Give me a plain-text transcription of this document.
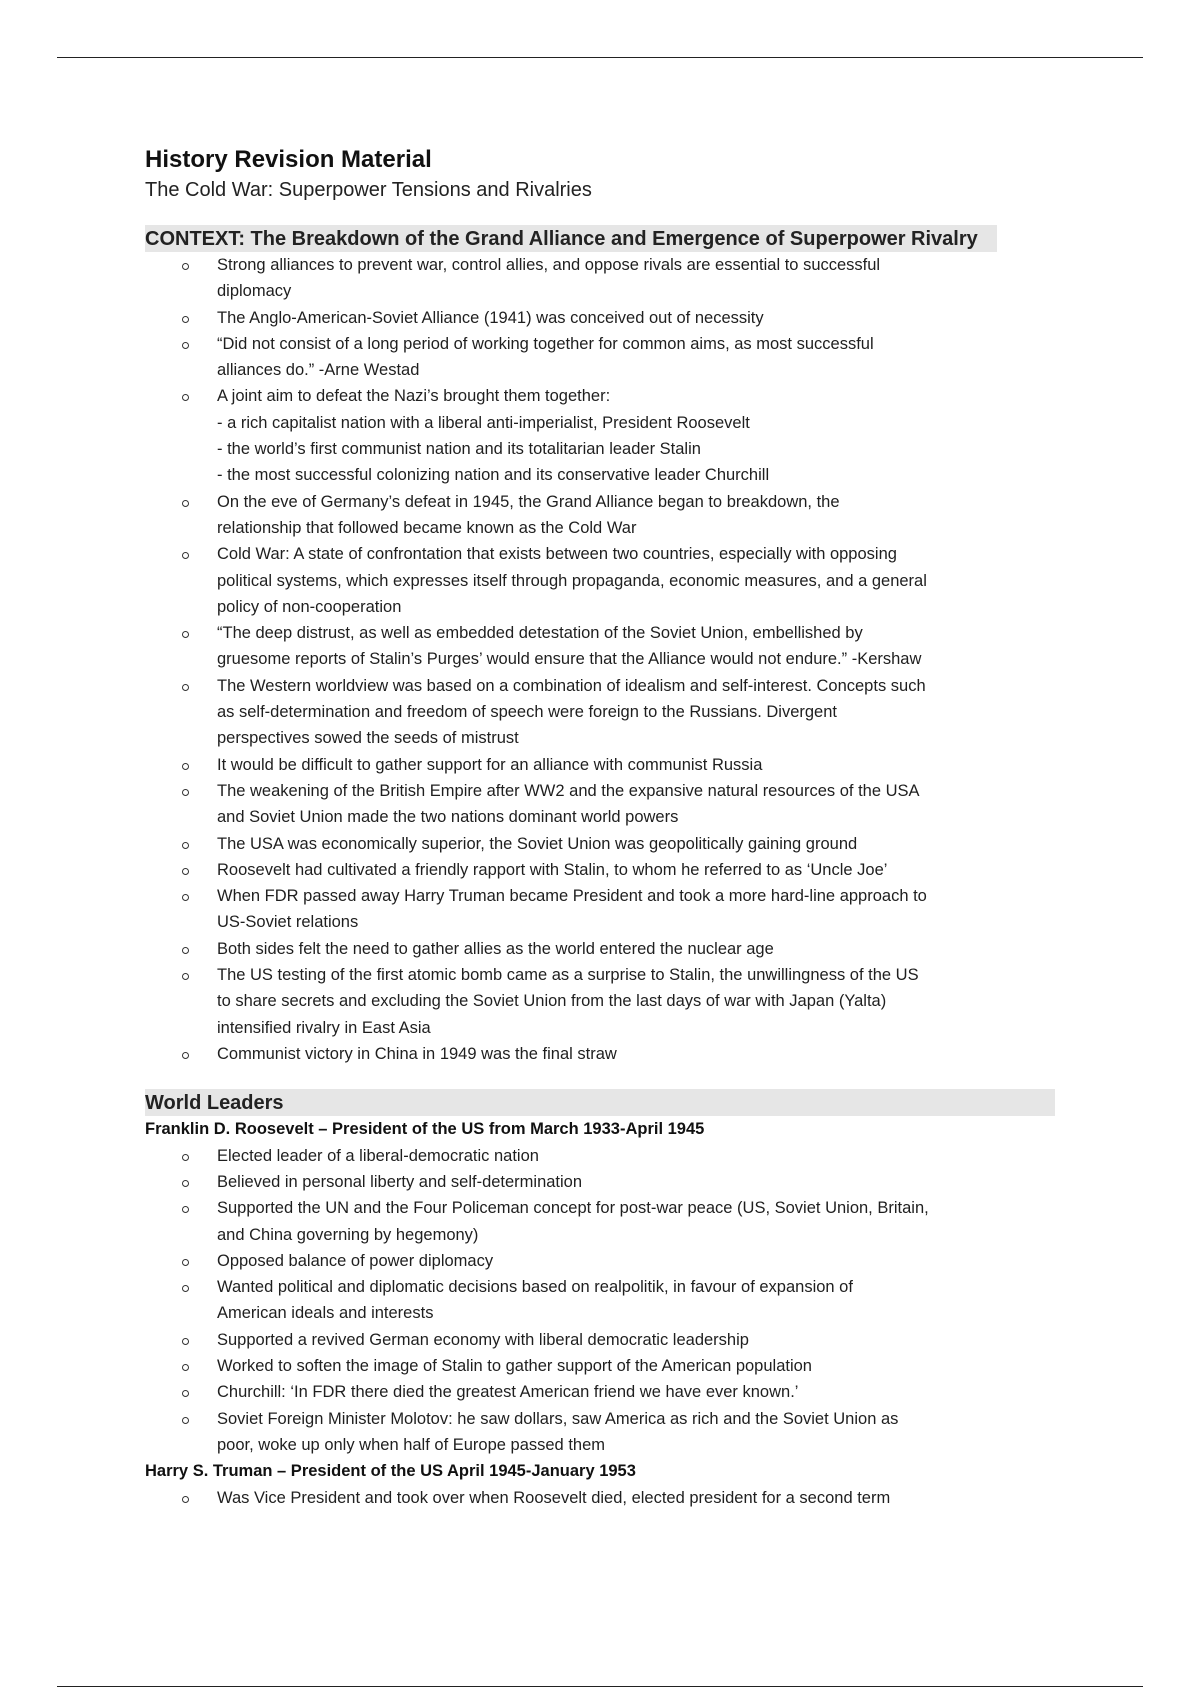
History Revision Material

The Cold War: Superpower Tensions and Rivalries

CONTEXT: The Breakdown of the Grand Alliance and Emergence of Superpower Rivalry
Strong alliances to prevent war, control allies, and oppose rivals are essential to successful
diplomacy
The Anglo-American-Soviet Alliance (1941) was conceived out of necessity
“Did not consist of a long period of working together for common aims, as most successful
alliances do.” -Arne Westad
A joint aim to defeat the Nazi’s brought them together:
- a rich capitalist nation with a liberal anti-imperialist, President Roosevelt
- the world’s first communist nation and its totalitarian leader Stalin
- the most successful colonizing nation and its conservative leader Churchill
On the eve of Germany’s defeat in 1945, the Grand Alliance began to breakdown, the
relationship that followed became known as the Cold War
Cold War: A state of confrontation that exists between two countries, especially with opposing
political systems, which expresses itself through propaganda, economic measures, and a general
policy of non-cooperation
“The deep distrust, as well as embedded detestation of the Soviet Union, embellished by
gruesome reports of Stalin’s Purges’ would ensure that the Alliance would not endure.” -Kershaw
The Western worldview was based on a combination of idealism and self-interest. Concepts such
as self-determination and freedom of speech were foreign to the Russians. Divergent
perspectives sowed the seeds of mistrust
It would be difficult to gather support for an alliance with communist Russia
The weakening of the British Empire after WW2 and the expansive natural resources of the USA
and Soviet Union made the two nations dominant world powers
The USA was economically superior, the Soviet Union was geopolitically gaining ground
Roosevelt had cultivated a friendly rapport with Stalin, to whom he referred to as ‘Uncle Joe’
When FDR passed away Harry Truman became President and took a more hard-line approach to
US-Soviet relations
Both sides felt the need to gather allies as the world entered the nuclear age
The US testing of the first atomic bomb came as a surprise to Stalin, the unwillingness of the US
to share secrets and excluding the Soviet Union from the last days of war with Japan (Yalta)
intensified rivalry in East Asia
Communist victory in China in 1949 was the final straw
World Leaders

Franklin D. Roosevelt – President of the US from March 1933-April 1945

Elected leader of a liberal-democratic nation
Believed in personal liberty and self-determination
Supported the UN and the Four Policeman concept for post-war peace (US, Soviet Union, Britain,
and China governing by hegemony)
Opposed balance of power diplomacy
Wanted political and diplomatic decisions based on realpolitik, in favour of expansion of
American ideals and interests
Supported a revived German economy with liberal democratic leadership
Worked to soften the image of Stalin to gather support of the American population
Churchill: ‘In FDR there died the greatest American friend we have ever known.’
Soviet Foreign Minister Molotov: he saw dollars, saw America as rich and the Soviet Union as
poor, woke up only when half of Europe passed them

Harry S. Truman – President of the US April 1945-January 1953

Was Vice President and took over when Roosevelt died, elected president for a second term
